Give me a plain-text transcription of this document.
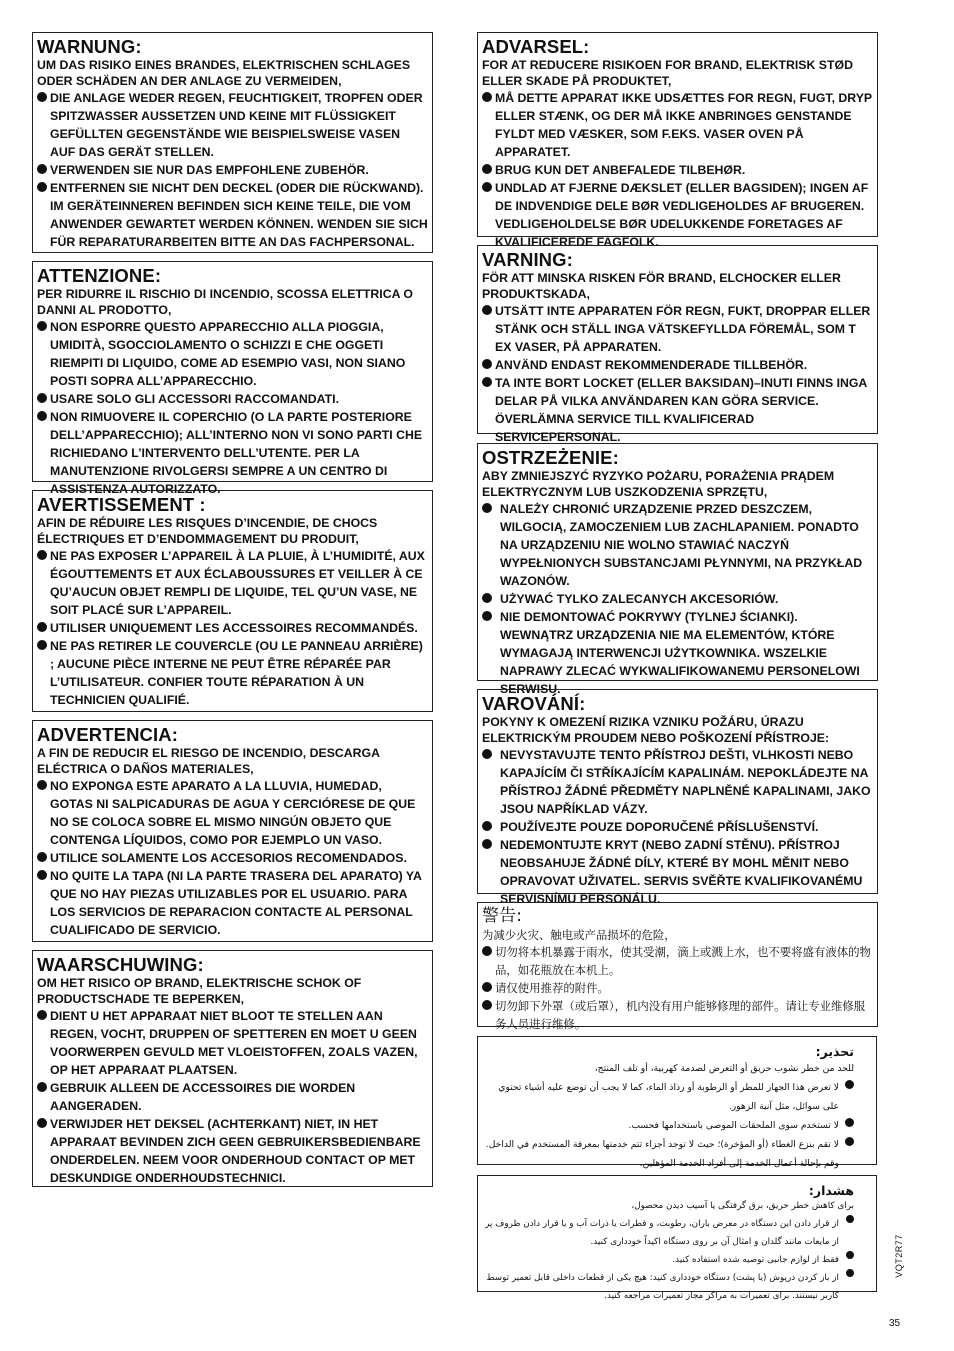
WARNUNG:
UM DAS RISIKO EINES BRANDES, ELEKTRISCHEN SCHLAGES ODER SCHÄDEN AN DER ANLAGE ZU VERMEIDEN,
DIE ANLAGE WEDER REGEN, FEUCHTIGKEIT, TROPFEN ODER SPITZWASSER AUSSETZEN UND KEINE MIT FLÜSSIGKEIT GEFÜLLTEN GEGENSTÄNDE WIE BEISPIELSWEISE VASEN AUF DAS GERÄT STELLEN.
VERWENDEN SIE NUR DAS EMPFOHLENE ZUBEHÖR.
ENTFERNEN SIE NICHT DEN DECKEL (ODER DIE RÜCKWAND). IM GERÄTEINNEREN BEFINDEN SICH KEINE TEILE, DIE VOM ANWENDER GEWARTET WERDEN KÖNNEN. WENDEN SIE SICH FÜR REPARATURARBEITEN BITTE AN DAS FACHPERSONAL.
ATTENZIONE:
PER RIDURRE IL RISCHIO DI INCENDIO, SCOSSA ELETTRICA O DANNI AL PRODOTTO,
NON ESPORRE QUESTO APPARECCHIO ALLA PIOGGIA, UMIDITÀ, SGOCCIOLAMENTO O SCHIZZI E CHE OGGETI RIEMPITI DI LIQUIDO, COME AD ESEMPIO VASI, NON SIANO POSTI SOPRA ALL’APPARECCHIO.
USARE SOLO GLI ACCESSORI RACCOMANDATI.
NON RIMUOVERE IL COPERCHIO (O LA PARTE POSTERIORE DELL’APPARECCHIO); ALL’INTERNO NON VI SONO PARTI CHE RICHIEDANO L’INTERVENTO DELL’UTENTE. PER LA MANUTENZIONE RIVOLGERSI SEMPRE A UN CENTRO DI ASSISTENZA AUTORIZZATO.
AVERTISSEMENT :
AFIN DE RÉDUIRE LES RISQUES D’INCENDIE, DE CHOCS ÉLECTRIQUES ET D’ENDOMMAGEMENT DU PRODUIT,
NE PAS EXPOSER L’APPAREIL À LA PLUIE, À L’HUMIDITÉ, AUX ÉGOUTTEMENTS ET AUX ÉCLABOUSSURES ET VEILLER À CE QU’AUCUN OBJET REMPLI DE LIQUIDE, TEL QU’UN VASE, NE SOIT PLACÉ SUR L’APPAREIL.
UTILISER UNIQUEMENT LES ACCESSOIRES RECOMMANDÉS.
NE PAS RETIRER LE COUVERCLE (OU LE PANNEAU ARRIÈRE) ; AUCUNE PIÈCE INTERNE NE PEUT ÊTRE RÉPARÉE PAR L’UTILISATEUR. CONFIER TOUTE RÉPARATION À UN TECHNICIEN QUALIFIÉ.
ADVERTENCIA:
A FIN DE REDUCIR EL RIESGO DE INCENDIO, DESCARGA ELÉCTRICA O DAÑOS MATERIALES,
NO EXPONGA ESTE APARATO A LA LLUVIA, HUMEDAD, GOTAS NI SALPICADURAS DE AGUA Y CERCIÓRESE DE QUE NO SE COLOCA SOBRE EL MISMO NINGÚN OBJETO QUE CONTENGA LÍQUIDOS, COMO POR EJEMPLO UN VASO.
UTILICE SOLAMENTE LOS ACCESORIOS RECOMENDADOS.
NO QUITE LA TAPA (NI LA PARTE TRASERA DEL APARATO) YA QUE NO HAY PIEZAS UTILIZABLES POR EL USUARIO. PARA LOS SERVICIOS DE REPARACION CONTACTE AL PERSONAL CUALIFICADO DE SERVICIO.
WAARSCHUWING:
OM HET RISICO OP BRAND, ELEKTRISCHE SCHOK OF PRODUCTSCHADE TE BEPERKEN,
DIENT U HET APPARAAT NIET BLOOT TE STELLEN AAN REGEN, VOCHT, DRUPPEN OF SPETTEREN EN MOET U GEEN VOORWERPEN GEVULD MET VLOEISTOFFEN, ZOALS VAZEN, OP HET APPARAAT PLAATSEN.
GEBRUIK ALLEEN DE ACCESSOIRES DIE WORDEN AANGERADEN.
VERWIJDER HET DEKSEL (ACHTERKANT) NIET, IN HET APPARAAT BEVINDEN ZICH GEEN GEBRUIKERSBEDIENBARE ONDERDELEN. NEEM VOOR ONDERHOUD CONTACT OP MET DESKUNDIGE ONDERHOUDSTECHNICI.
ADVARSEL:
FOR AT REDUCERE RISIKOEN FOR BRAND, ELEKTRISK STØD ELLER SKADE PÅ PRODUKTET,
MÅ DETTE APPARAT IKKE UDSÆTTES FOR REGN, FUGT, DRYP ELLER STÆNK, OG DER MÅ IKKE ANBRINGES GENSTANDE FYLDT MED VÆSKER, SOM F.EKS. VASER OVEN PÅ APPARATET.
BRUG KUN DET ANBEFALEDE TILBEHØR.
UNDLAD AT FJERNE DÆKSLET (ELLER BAGSIDEN); INGEN AF DE INDVENDIGE DELE BØR VEDLIGEHOLDES AF BRUGEREN. VEDLIGEHOLDELSE BØR UDELUKKENDE FORETAGES AF KVALIFICEREDE FAGFOLK.
VARNING:
FÖR ATT MINSKA RISKEN FÖR BRAND, ELCHOCKER ELLER PRODUKTSKADA,
UTSÄTT INTE APPARATEN FÖR REGN, FUKT, DROPPAR ELLER STÄNK OCH STÄLL INGA VÄTSKEFYLLDA FÖREMÅL, SOM T EX VASER, PÅ APPARATEN.
ANVÄND ENDAST REKOMMENDERADE TILLBEHÖR.
TA INTE BORT LOCKET (ELLER BAKSIDAN)–INUTI FINNS INGA DELAR PÅ VILKA ANVÄNDAREN KAN GÖRA SERVICE. ÖVERLÄMNA SERVICE TILL KVALIFICERAD SERVICEPERSONAL.
OSTRZEŻENIE:
ABY ZMNIEJSZYĆ RYZYKO POŻARU, PORAŻENIA PRĄDEM ELEKTRYCZNYM LUB USZKODZENIA SPRZĘTU,
NALEŻY CHRONIĆ URZĄDZENIE PRZED DESZCZEM, WILGOCIĄ, ZAMOCZENIEM LUB ZACHLAPANIEM. PONADTO NA URZĄDZENIU NIE WOLNO STAWIAĆ NACZYŃ WYPEŁNIONYCH SUBSTANCJAMI PŁYNNYMI, NA PRZYKŁAD WAZONÓW.
UŻYWAĆ TYLKO ZALECANYCH AKCESORIÓW.
NIE DEMONTOWAĆ POKRYWY (TYLNEJ ŚCIANKI). WEWNĄTRZ URZĄDZENIA NIE MA ELEMENTÓW, KTÓRE WYMAGAJĄ INTERWENCJI UŻYTKOWNIKA. WSZELKIE NAPRAWY ZLECAĆ WYKWALIFIKOWANEMU PERSONELOWI SERWISU.
VAROVÁNÍ:
POKYNY K OMEZENÍ RIZIKA VZNIKU POŽÁRU, ÚRAZU ELEKTRICKÝM PROUDEM NEBO POŠKOZENÍ PŘÍSTROJE:
NEVYSTAVUJTE TENTO PŘÍSTROJ DEŠTI, VLHKOSTI NEBO KAPAJÍCÍM ČI STŘÍKAJÍCÍM KAPALINÁM. NEPOKLÁDEJTE NA PŘÍSTROJ ŽÁDNÉ PŘEDMĚTY NAPLNĚNÉ KAPALINAMI, JAKO JSOU NAPŘÍKLAD VÁZY.
POUŽÍVEJTE POUZE DOPORUČENÉ PŘÍSLUŠENSTVÍ.
NEDEMONTUJTE KRYT (NEBO ZADNÍ STĚNU). PŘÍSTROJ NEOBSAHUJE ŽÁDNÉ DÍLY, KTERÉ BY MOHL MĚNIT NEBO OPRAVOVAT UŽIVATEL. SERVIS SVĚŘTE KVALIFIKOVANÉMU SERVISNÍMU PERSONÁLU.
警告:
为减少火灾、触电或产品损坏的危险，
切勿将本机暴露于雨水，使其受潮，滴上或溅上水，也不要将盛有液体的物品，如花瓶放在本机上。
请仅使用推荐的附件。
切勿卸下外罩（或后罩），机内没有用户能够修理的部件。请让专业维修服务人员进行维修。
تحذير:
للحد من خطر نشوب حريق أو التعرض لصدمة كهربية، أو تلف المنتج،
لا تعرض هذا الجهاز للمطر أو الرطوبة أو رذاذ الماء، كما لا يجب أن توضع عليه أشياء تحتوي على سوائل، مثل آنية الزهور.
لا تستخدم سوى الملحقات الموصى باستخدامها فحسب.
لا تقم بنزع الغطاء (أو المؤخرة)؛ حيث لا توجد أجزاء تتم خدمتها بمعرفة المستخدم في الداخل. وقم بإحالة أعمال الخدمة إلى أفراد الخدمة المؤهلين.
هشدار:
برای کاهش خطر حریق، برق گرفتگی یا آسیب دیدن محصول،
از قرار دادن این دستگاه در معرض باران، رطوبت، و قطرات یا ذرات آب و یا قرار دادن ظروف پر از مایعات مانند گلدان و امثال آن بر روی دستگاه اکیداً خودداری کنید.
فقط از لوازم جانبی توصیه شده استفاده کنید.
از باز کردن درپوش (یا پشت) دستگاه خودداری کنید: هیچ یکی از قطعات داخلی قابل تعمیر توسط کاربر نیستند. برای تعمیرات به مراکز مجاز تعمیرات مراجعه کنید.
VQT2R77
35
